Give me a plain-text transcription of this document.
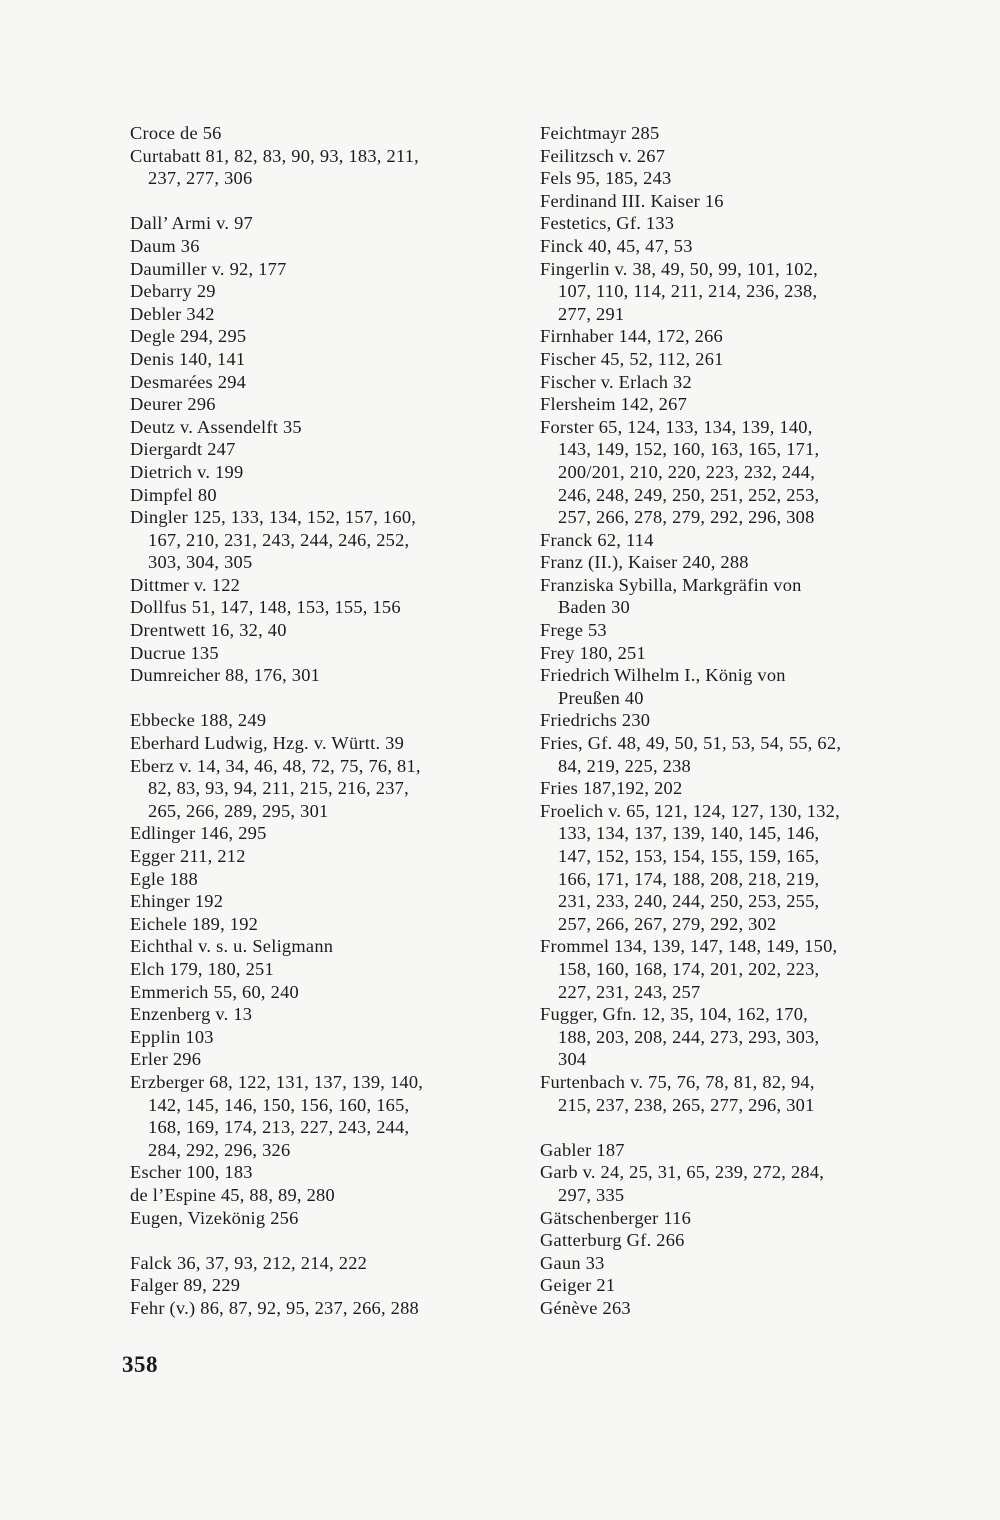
Croce de 56
Curtabatt 81, 82, 83, 90, 93, 183, 211,
237, 277, 306
Dall’ Armi v. 97
Daum 36
Daumiller v. 92, 177
Debarry 29
Debler 342
Degle 294, 295
Denis 140, 141
Desmarées 294
Deurer 296
Deutz v. Assendelft 35
Diergardt 247
Dietrich v. 199
Dimpfel 80
Dingler 125, 133, 134, 152, 157, 160,
167, 210, 231, 243, 244, 246, 252,
303, 304, 305
Dittmer v. 122
Dollfus 51, 147, 148, 153, 155, 156
Drentwett 16, 32, 40
Ducrue 135
Dumreicher 88, 176, 301
Ebbecke 188, 249
Eberhard Ludwig, Hzg. v. Württ. 39
Eberz v. 14, 34, 46, 48, 72, 75, 76, 81,
82, 83, 93, 94, 211, 215, 216, 237,
265, 266, 289, 295, 301
Edlinger 146, 295
Egger 211, 212
Egle 188
Ehinger 192
Eichele 189, 192
Eichthal v. s. u. Seligmann
Elch 179, 180, 251
Emmerich 55, 60, 240
Enzenberg v. 13
Epplin 103
Erler 296
Erzberger 68, 122, 131, 137, 139, 140,
142, 145, 146, 150, 156, 160, 165,
168, 169, 174, 213, 227, 243, 244,
284, 292, 296, 326
Escher 100, 183
de l’Espine 45, 88, 89, 280
Eugen, Vizekönig 256
Falck 36, 37, 93, 212, 214, 222
Falger 89, 229
Fehr (v.) 86, 87, 92, 95, 237, 266, 288
Feichtmayr 285
Feilitzsch v. 267
Fels 95, 185, 243
Ferdinand III. Kaiser 16
Festetics, Gf. 133
Finck 40, 45, 47, 53
Fingerlin v. 38, 49, 50, 99, 101, 102,
107, 110, 114, 211, 214, 236, 238,
277, 291
Firnhaber 144, 172, 266
Fischer 45, 52, 112, 261
Fischer v. Erlach 32
Flersheim 142, 267
Forster 65, 124, 133, 134, 139, 140,
143, 149, 152, 160, 163, 165, 171,
200/201, 210, 220, 223, 232, 244,
246, 248, 249, 250, 251, 252, 253,
257, 266, 278, 279, 292, 296, 308
Franck 62, 114
Franz (II.), Kaiser 240, 288
Franziska Sybilla, Markgräfin von
Baden 30
Frege 53
Frey 180, 251
Friedrich Wilhelm I., König von
Preußen 40
Friedrichs 230
Fries, Gf. 48, 49, 50, 51, 53, 54, 55, 62,
84, 219, 225, 238
Fries 187,192, 202
Froelich v. 65, 121, 124, 127, 130, 132,
133, 134, 137, 139, 140, 145, 146,
147, 152, 153, 154, 155, 159, 165,
166, 171, 174, 188, 208, 218, 219,
231, 233, 240, 244, 250, 253, 255,
257, 266, 267, 279, 292, 302
Frommel 134, 139, 147, 148, 149, 150,
158, 160, 168, 174, 201, 202, 223,
227, 231, 243, 257
Fugger, Gfn. 12, 35, 104, 162, 170,
188, 203, 208, 244, 273, 293, 303,
304
Furtenbach v. 75, 76, 78, 81, 82, 94,
215, 237, 238, 265, 277, 296, 301
Gabler 187
Garb v. 24, 25, 31, 65, 239, 272, 284,
297, 335
Gätschenberger 116
Gatterburg Gf. 266
Gaun 33
Geiger 21
Génève 263
358
